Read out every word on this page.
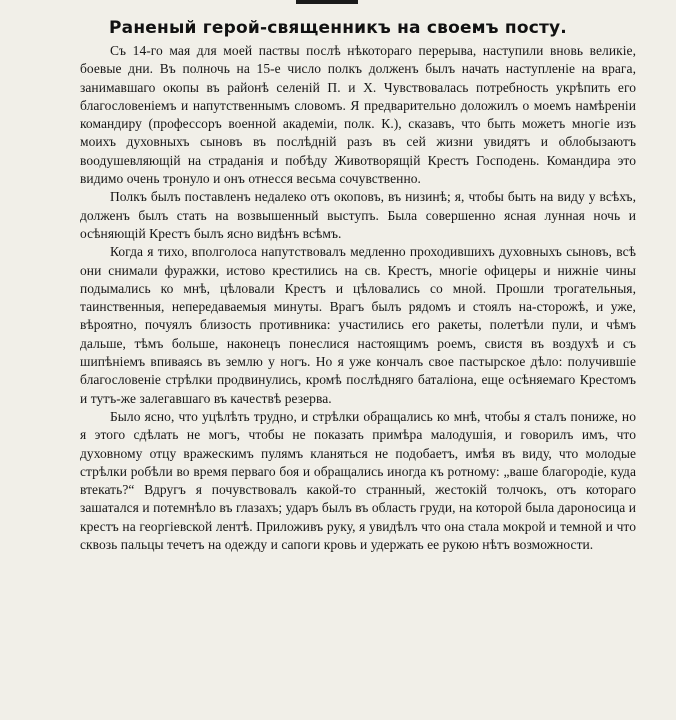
Раненый герой-священникъ на своемъ посту.

Съ 14-го мая для моей паствы послѣ нѣкотораго перерыва, наступили вновь великіе, боевые дни. Въ полночь на 15-е число полкъ долженъ былъ начать наступленіе на врага, занимавшаго окопы въ районѣ селеній П. и Х. Чувствовалась потребность укрѣпить его благословеніемъ и напутственнымъ словомъ. Я предварительно доложилъ о моемъ намѣреніи командиру (профессоръ военной академіи, полк. К.), сказавъ, что быть можетъ многіе изъ моихъ духовныхъ сыновъ въ послѣдній разъ въ сей жизни увидятъ и облобызаютъ воодушевляющій на страданія и побѣду Животворящій Крестъ Господень. Командира это видимо очень тронуло и онъ отнесся весьма сочувственно.

Полкъ былъ поставленъ недалеко отъ окоповъ, въ низинѣ; я, чтобы быть на виду у всѣхъ, долженъ былъ стать на возвышенный выступъ. Была совершенно ясная лунная ночь и осѣняющій Крестъ былъ ясно видѣнъ всѣмъ.

Когда я тихо, вполголоса напутствовалъ медленно проходившихъ духовныхъ сыновъ, всѣ они снимали фуражки, истово крестились на св. Крестъ, многіе офицеры и нижніе чины подымались ко мнѣ, цѣловали Крестъ и цѣловались со мной. Прошли трогательныя, таинственныя, непередаваемыя минуты. Врагъ былъ рядомъ и стоялъ на-сторожѣ, и уже, вѣроятно, почуялъ близость противника: участились его ракеты, полетѣли пули, и чѣмъ дальше, тѣмъ больше, наконецъ понеслися настоящимъ роемъ, свистя въ воздухѣ и съ шипѣніемъ впиваясь въ землю у ногъ. Но я уже кончалъ свое пастырское дѣло: получившіе благословеніе стрѣлки продвинулись, кромѣ послѣдняго баталіона, еще осѣняемаго Крестомъ и тутъ-же залегавшаго въ качествѣ резерва.

Было ясно, что уцѣлѣть трудно, и стрѣлки обращались ко мнѣ, чтобы я сталъ пониже, но я этого сдѣлать не могъ, чтобы не показать примѣра малодушія, и говорилъ имъ, что духовному отцу вражескимъ пулямъ кланяться не подобаетъ, имѣя въ виду, что молодые стрѣлки робѣли во время перваго боя и обращались иногда къ ротному: „ваше благородіе, куда втекать?“ Вдругъ я почувствовалъ какой-то странный, жестокій толчокъ, отъ котораго зашатался и потемнѣло въ глазахъ; ударъ былъ въ область груди, на которой была дароносица и крестъ на георгіевской лентѣ. Приложивъ руку, я увидѣлъ что она стала мокрой и темной и что сквозь пальцы течетъ на одежду и сапоги кровь и удержать ее рукою нѣтъ возможности.
